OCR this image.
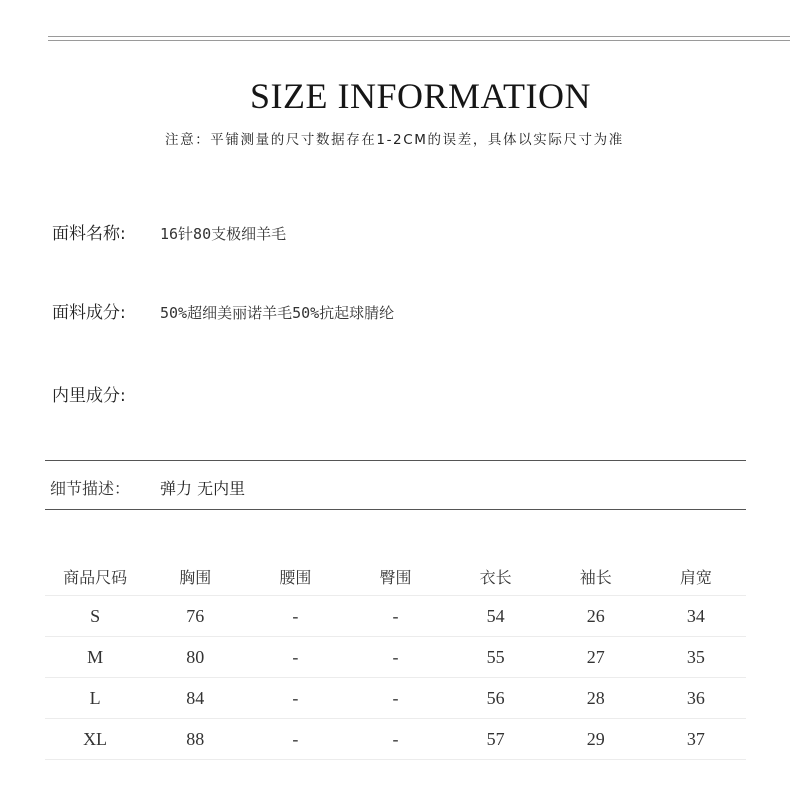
SIZE INFORMATION
注意：平铺测量的尺寸数据存在1-2CM的误差，具体以实际尺寸为准
面料名称: 16针80支极细羊毛
面料成分: 50%超细美丽诺羊毛50%抗起球腈纶
内里成分:
细节描述： 弹力 无内里
商品尺码	胸围	腰围	臀围	衣长	袖长	肩宽
S	76	-	-	54	26	34
M	80	-	-	55	27	35
L	84	-	-	56	28	36
XL	88	-	-	57	29	37
